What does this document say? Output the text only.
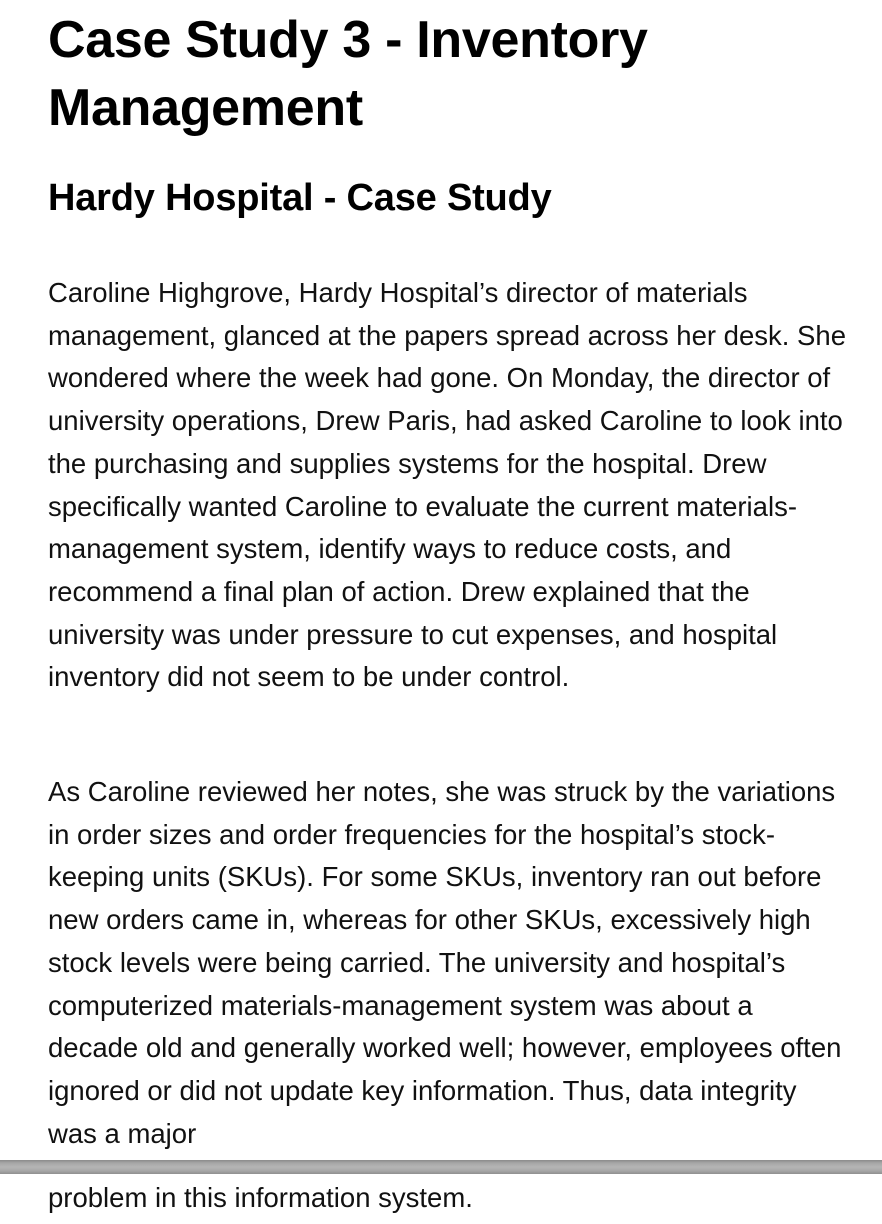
Case Study 3 - Inventory Management
Hardy Hospital - Case Study

Caroline Highgrove, Hardy Hospital’s director of materials management, glanced at the papers spread across her desk. She wondered where the week had gone. On Monday, the director of university operations, Drew Paris, had asked Caroline to look into the purchasing and supplies systems for the hospital. Drew specifically wanted Caroline to evaluate the current materials-management system, identify ways to reduce costs, and recommend a final plan of action. Drew explained that the university was under pressure to cut expenses, and hospital inventory did not seem to be under control.

As Caroline reviewed her notes, she was struck by the variations in order sizes and order frequencies for the hospital’s stock-keeping units (SKUs). For some SKUs, inventory ran out before new orders came in, whereas for other SKUs, excessively high stock levels were being carried. The university and hospital’s computerized materials-management system was about a decade old and generally worked well; however, employees often ignored or did not update key information. Thus, data integrity was a major

problem in this information system.
